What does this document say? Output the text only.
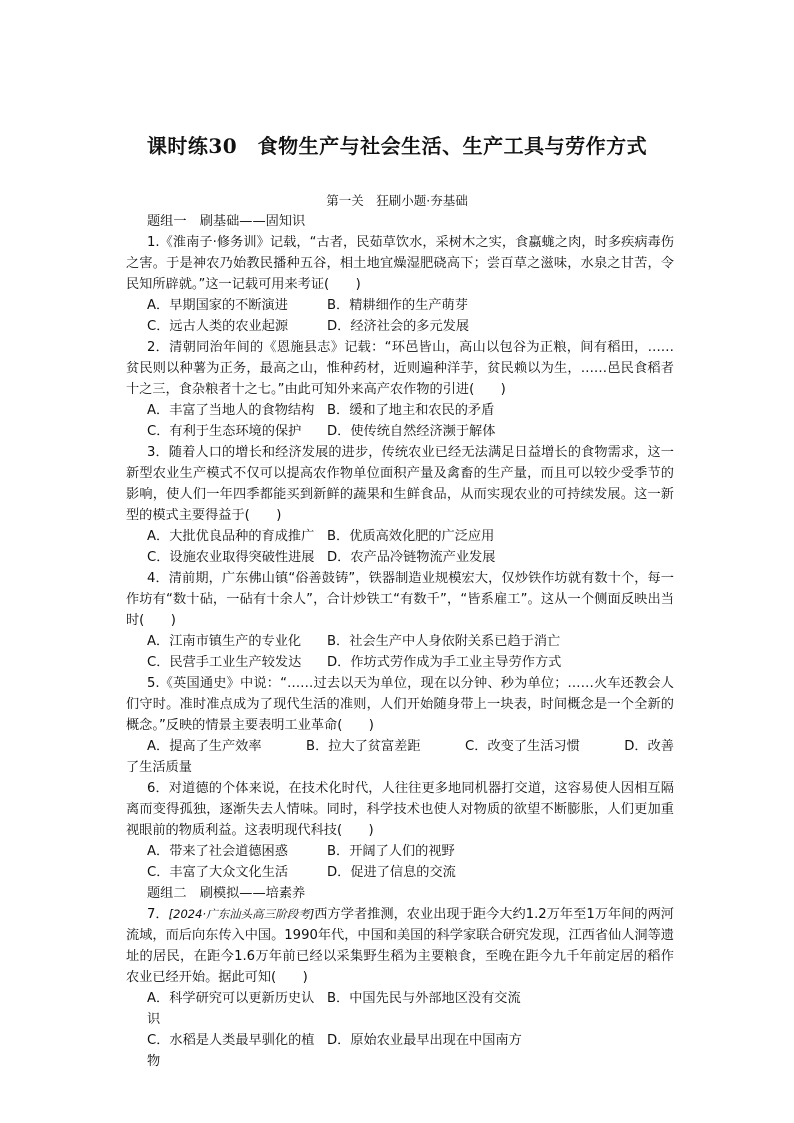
课时练30　食物生产与社会生活、生产工具与劳作方式
第一关　狂刷小题·夯基础

题组一　刷基础——固知识

1.《淮南子·修务训》记载，“古者，民茹草饮水，采树木之实，食蠃蛖之肉，时多疾病毒伤之害。于是神农乃始教民播种五谷，相土地宜燥湿肥硗高下；尝百草之滋味，水泉之甘苦，令民知所辟就。”这一记载可用来考证(　　)

A．早期国家的不断演进	B．精耕细作的生产萌芽

C．远古人类的农业起源	D．经济社会的多元发展

2．清朝同治年间的《恩施县志》记载：“环邑皆山，高山以包谷为正粮，间有稻田，……贫民则以种薯为正务，最高之山，惟种药材，近则遍种洋芋，贫民赖以为生，……邑民食稻者十之三，食杂粮者十之七。”由此可知外来高产农作物的引进(　　)

A．丰富了当地人的食物结构 B．缓和了地主和农民的矛盾

C．有利于生态环境的保护	D．使传统自然经济濒于解体

3．随着人口的增长和经济发展的进步，传统农业已经无法满足日益增长的食物需求，这一新型农业生产模式不仅可以提高农作物单位面积产量及禽畜的生产量，而且可以较少受季节的影响，使人们一年四季都能买到新鲜的蔬果和生鲜食品，从而实现农业的可持续发展。这一新型的模式主要得益于(　　)

A．大批优良品种的育成推广 B．优质高效化肥的广泛应用

C．设施农业取得突破性进展 D．农产品冷链物流产业发展

4．清前期，广东佛山镇“俗善鼓铸”，铁器制造业规模宏大，仅炒铁作坊就有数十个，每一作坊有“数十砧，一砧有十余人”，合计炒铁工“有数千”，“皆系雇工”。这从一个侧面反映出当时(　　)

A．江南市镇生产的专业化	B．社会生产中人身依附关系已趋于消亡

C．民营手工业生产较发达	D．作坊式劳作成为手工业主导劳作方式

5.《英国通史》中说：“……过去以天为单位，现在以分钟、秒为单位；……火车还教会人们守时。准时准点成为了现代生活的准则，人们开始随身带上一块表，时间概念是一个全新的概念。”反映的情景主要表明工业革命(　　)

A．提高了生产效率	B．拉大了贫富差距	C．改变了生活习惯	D．改善

了生活质量

6．对道德的个体来说，在技术化时代，人往往更多地同机器打交道，这容易使人因相互隔离而变得孤独，逐渐失去人情味。同时，科学技术也使人对物质的欲望不断膨胀，人们更加重视眼前的物质利益。这表明现代科技(　　)

A．带来了社会道德困惑	B．开阔了人们的视野

C．丰富了大众文化生活	D．促进了信息的交流

题组二　刷模拟——培素养

7．[2024·广东汕头高三阶段考]西方学者推测，农业出现于距今大约1.2万年至1万年间的两河流域，而后向东传入中国。1990年代，中国和美国的科学家联合研究发现，江西省仙人洞等遗址的居民，在距今1.6万年前已经以采集野生稻为主要粮食，至晚在距今九千年前定居的稻作农业已经开始。据此可知(　　)

A．科学研究可以更新历史认识
B．中国先民与外部地区没有交流

C．水稻是人类最早驯化的植物
D．原始农业最早出现在中国南方
